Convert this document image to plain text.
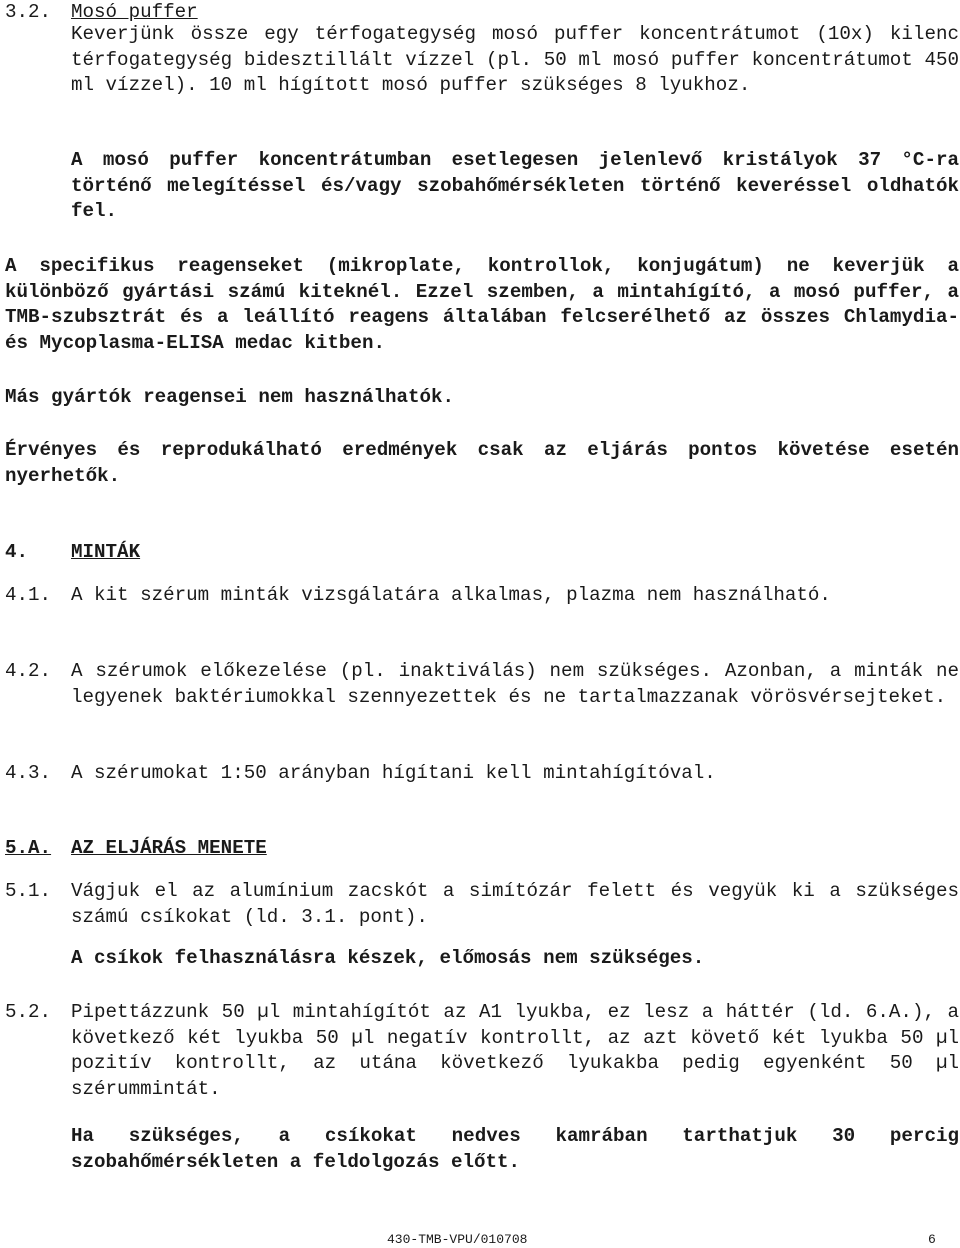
3.2. Mosó puffer
Keverjünk össze egy térfogategység mosó puffer koncentrátumot (10x) kilenc térfogategység bidesztillált vízzel (pl. 50 ml mosó puffer koncentrátumot 450 ml vízzel). 10 ml hígított mosó puffer szükséges 8 lyukhoz.
A mosó puffer koncentrátumban esetlegesen jelenlevő kristályok 37 °C-ra történő melegítéssel és/vagy szobahőmérsékleten történő keveréssel oldhatók fel.
A specifikus reagenseket (mikroplate, kontrollok, konjugátum) ne keverjük a különböző gyártási számú kiteknél. Ezzel szemben, a mintahígító, a mosó puffer, a TMB-szubsztrát és a leállító reagens általában felcserélhető az összes Chlamydia-és Mycoplasma-ELISA medac kitben.
Más gyártók reagensei nem használhatók.
Érvényes és reprodukálható eredmények csak az eljárás pontos követése esetén nyerhetők.
4. MINTÁK
4.1. A kit szérum minták vizsgálatára alkalmas, plazma nem használható.
4.2. A szérumok előkezelése (pl. inaktiválás) nem szükséges. Azonban, a minták ne legyenek baktériumokkal szennyezettek és ne tartalmazzanak vörösvérsejteket.
4.3. A szérumokat 1:50 arányban hígítani kell mintahígítóval.
5.A. AZ ELJÁRÁS MENETE
5.1. Vágjuk el az alumínium zacskót a simítózár felett és vegyük ki a szükséges számú csíkokat (ld. 3.1. pont).
A csíkok felhasználásra készek, előmosás nem szükséges.
5.2. Pipettázzunk 50 µl mintahígítót az A1 lyukba, ez lesz a háttér (ld. 6.A.), a következő két lyukba 50 µl negatív kontrollt, az azt követő két lyukba 50 µl pozitív kontrollt, az utána következő lyukakba pedig egyenként 50 µl szérummintát.
Ha szükséges, a csíkokat nedves kamrában tarthatjuk 30 percig szobahőmérsékleten a feldolgozás előtt.
430-TMB-VPU/010708	6
